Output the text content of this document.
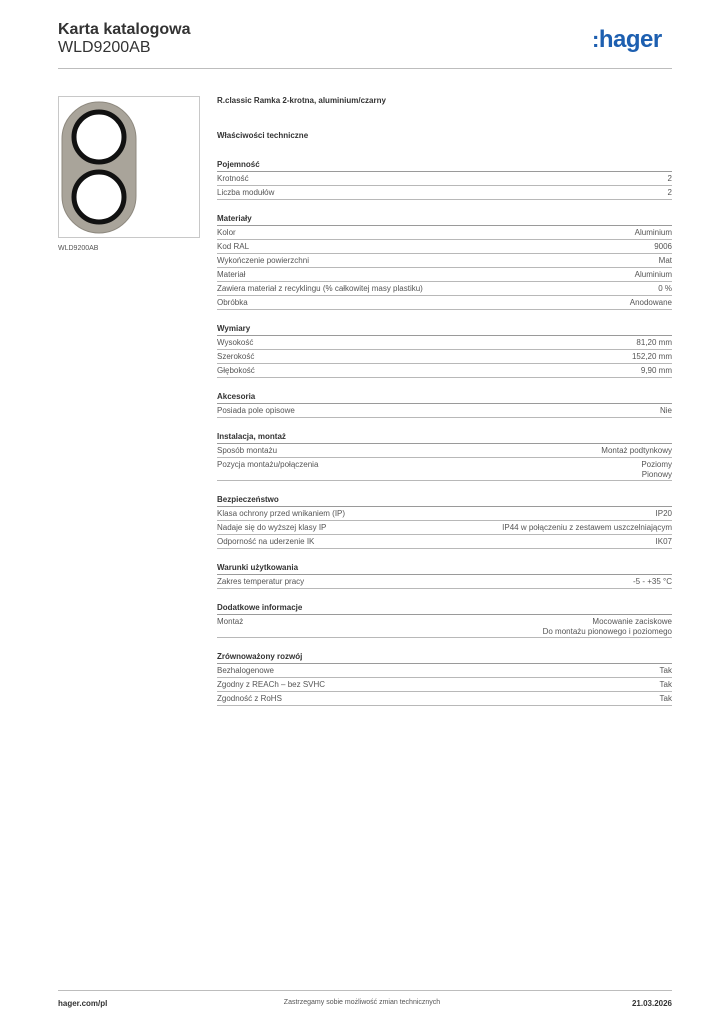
Karta katalogowa
WLD9200AB	:hager
WLD9200AB
R.classic Ramka 2-krotna, aluminium/czarny
Właściwości techniczne
Pojemność
Krotność	2
Liczba modułów	2
Materiały
Kolor	Aluminium
Kod RAL	9006
Wykończenie powierzchni	Mat
Materiał	Aluminium
Zawiera materiał z recyklingu (% całkowitej masy plastiku)	0 %
Obróbka	Anodowane
Wymiary
Wysokość	81,20 mm
Szerokość	152,20 mm
Głębokość	9,90 mm
Akcesoria
Posiada pole opisowe	Nie
Instalacja, montaż
Sposób montażu	Montaż podtynkowy
Pozycja montażu/połączenia	Poziomy
Pionowy
Bezpieczeństwo
Klasa ochrony przed wnikaniem (IP)	IP20
Nadaje się do wyższej klasy IP	IP44 w połączeniu z zestawem uszczelniającym
Odporność na uderzenie IK	IK07
Warunki użytkowania
Zakres temperatur pracy	-5 - +35 °C
Dodatkowe informacje
Montaż	Mocowanie zaciskowe
Do montażu pionowego i poziomego
Zrównoważony rozwój
Bezhalogenowe	Tak
Zgodny z REACh – bez SVHC	Tak
Zgodność z RoHS	Tak
hager.com/pl	Zastrzegamy sobie możliwość zmian technicznych	21.03.2026
